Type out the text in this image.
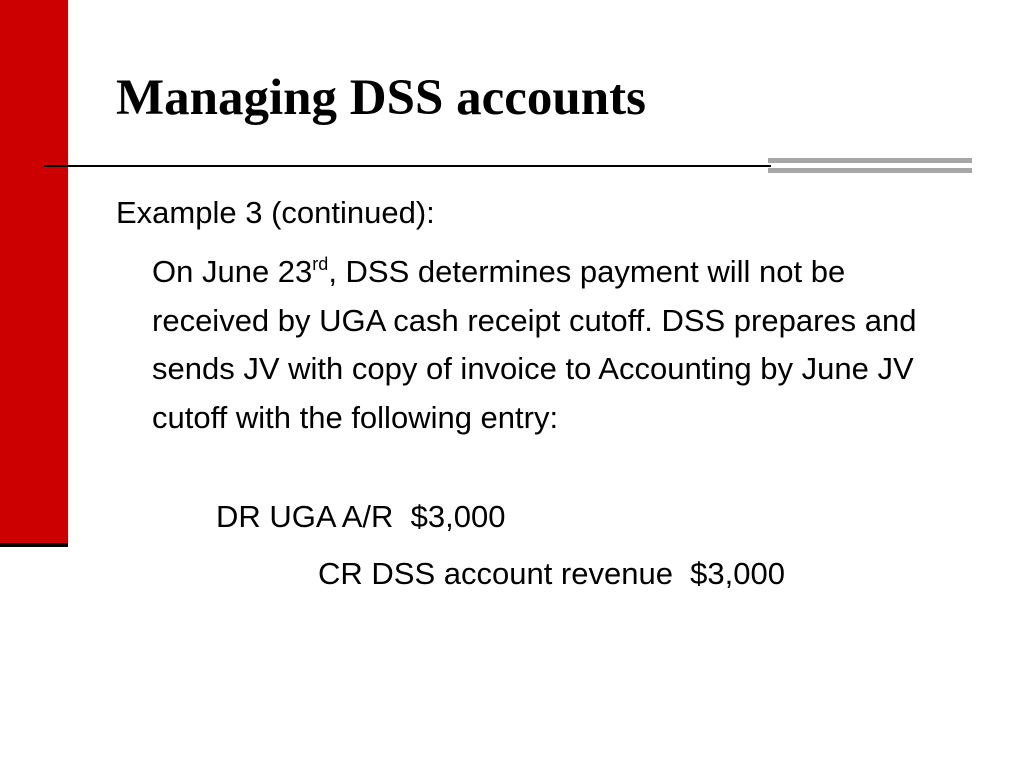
Managing DSS accounts

Example 3 (continued):

On June 23rd, DSS determines payment will not be received by UGA cash receipt cutoff. DSS prepares and sends JV with copy of invoice to Accounting by June JV cutoff with the following entry:

DR UGA A/R  $3,000
CR DSS account revenue  $3,000
